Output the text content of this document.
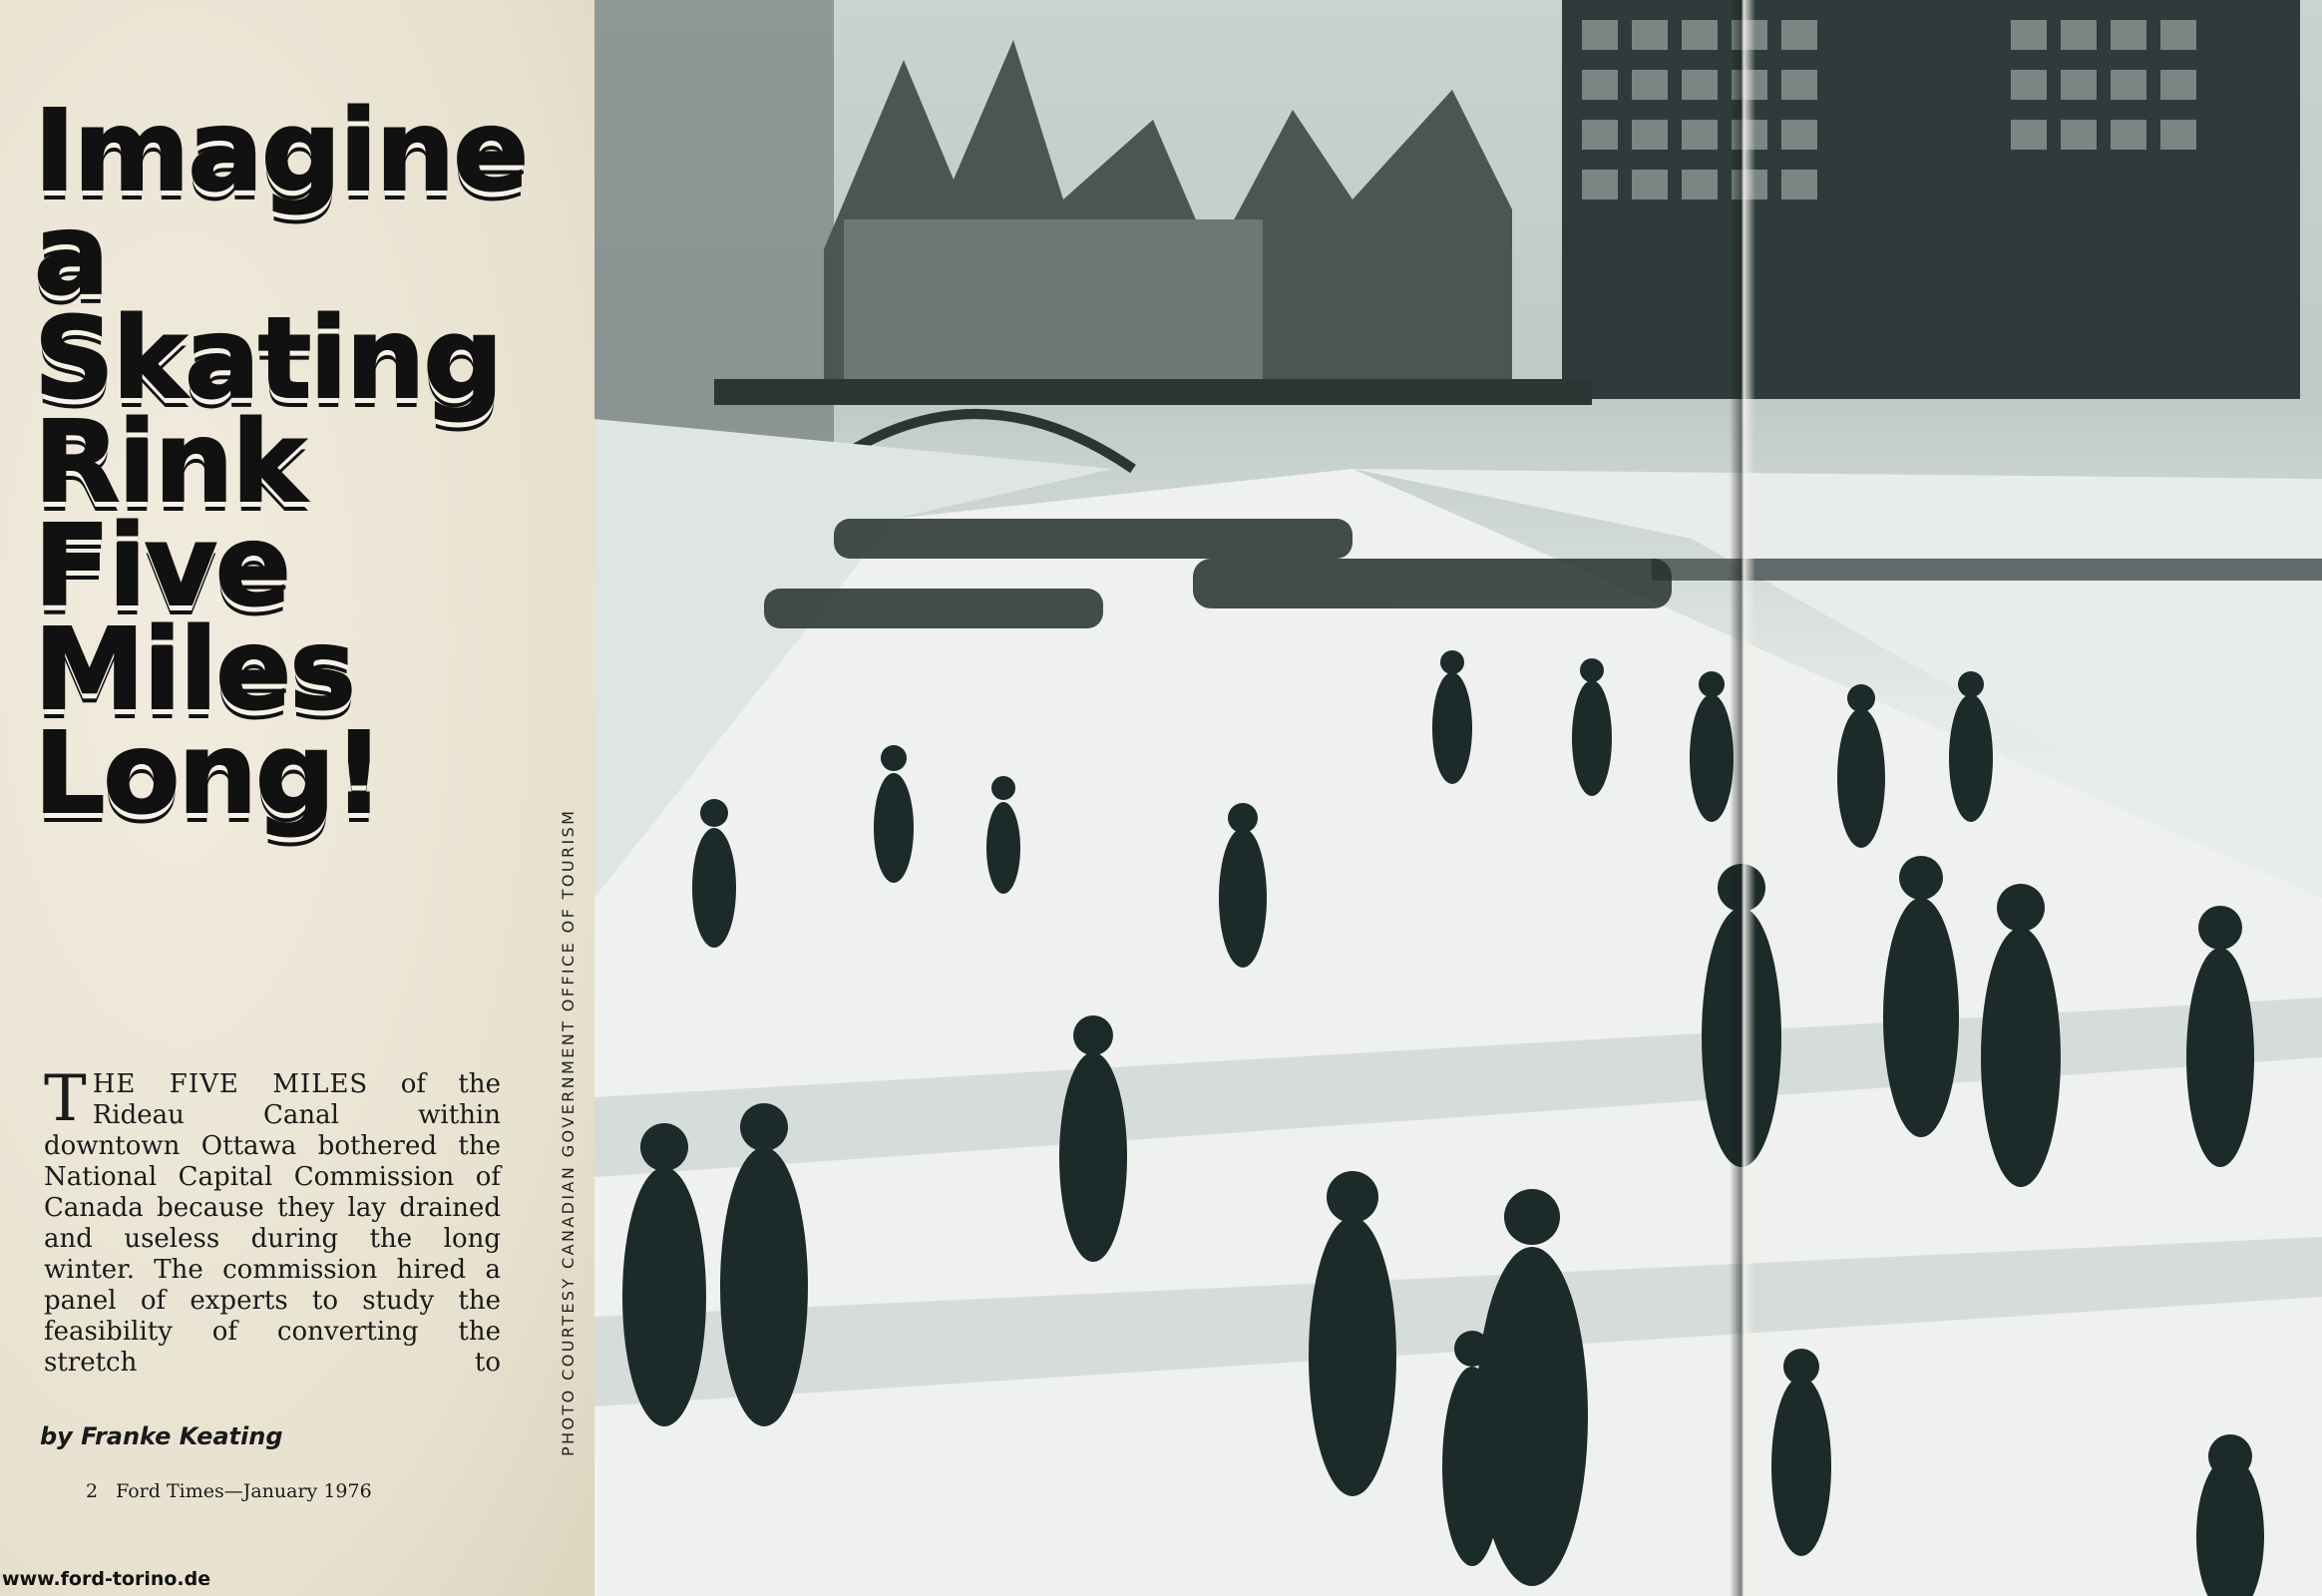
Imagine
a
Skating
Rink
Five
Miles
Long!
PHOTO COURTESY CANADIAN GOVERNMENT OFFICE OF TOURISM

THE FIVE MILES of the Rideau Canal within downtown Ottawa bothered the National Capital Commission of Canada because they lay drained and useless during the long winter. The commission hired a panel of experts to study the feasibility of converting the stretch to

by Franke Keating
2 Ford Times—January 1976
www.ford-torino.de
